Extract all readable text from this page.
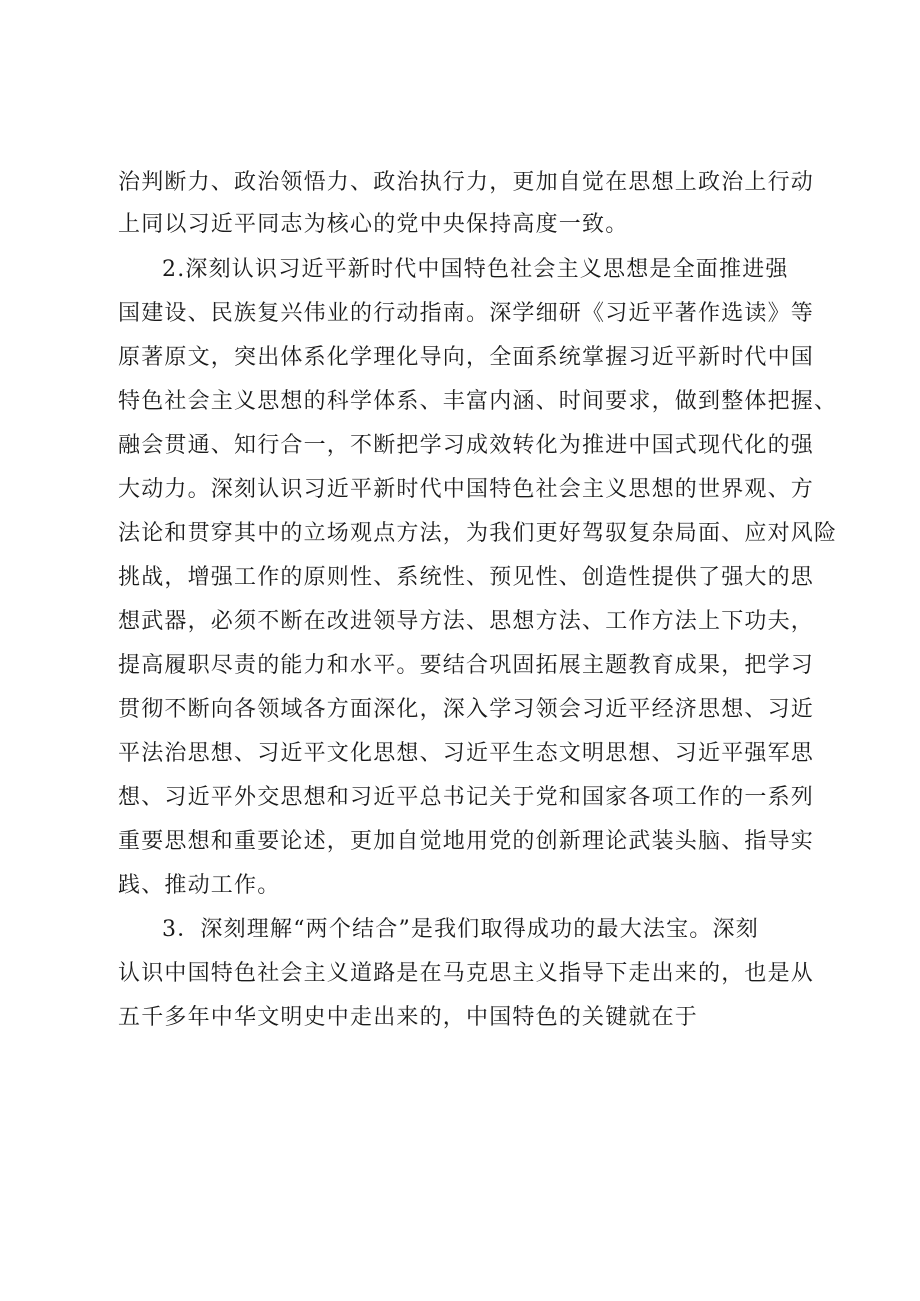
治判断力、政治领悟力、政治执行力，更加自觉在思想上政治上行动
上同以习近平同志为核心的党中央保持高度一致。
2.深刻认识习近平新时代中国特色社会主义思想是全面推进强
国建设、民族复兴伟业的行动指南。深学细研《习近平著作选读》等
原著原文，突出体系化学理化导向，全面系统掌握习近平新时代中国
特色社会主义思想的科学体系、丰富内涵、时间要求，做到整体把握、
融会贯通、知行合一，不断把学习成效转化为推进中国式现代化的强
大动力。深刻认识习近平新时代中国特色社会主义思想的世界观、方
法论和贯穿其中的立场观点方法，为我们更好驾驭复杂局面、应对风险
挑战，增强工作的原则性、系统性、预见性、创造性提供了强大的思
想武器，必须不断在改进领导方法、思想方法、工作方法上下功夫，
提高履职尽责的能力和水平。要结合巩固拓展主题教育成果，把学习
贯彻不断向各领域各方面深化，深入学习领会习近平经济思想、习近
平法治思想、习近平文化思想、习近平生态文明思想、习近平强军思
想、习近平外交思想和习近平总书记关于党和国家各项工作的一系列
重要思想和重要论述，更加自觉地用党的创新理论武装头脑、指导实
践、推动工作。
3．深刻理解“两个结合”是我们取得成功的最大法宝。深刻
认识中国特色社会主义道路是在马克思主义指导下走出来的，也是从
五千多年中华文明史中走出来的，中国特色的关键就在于
